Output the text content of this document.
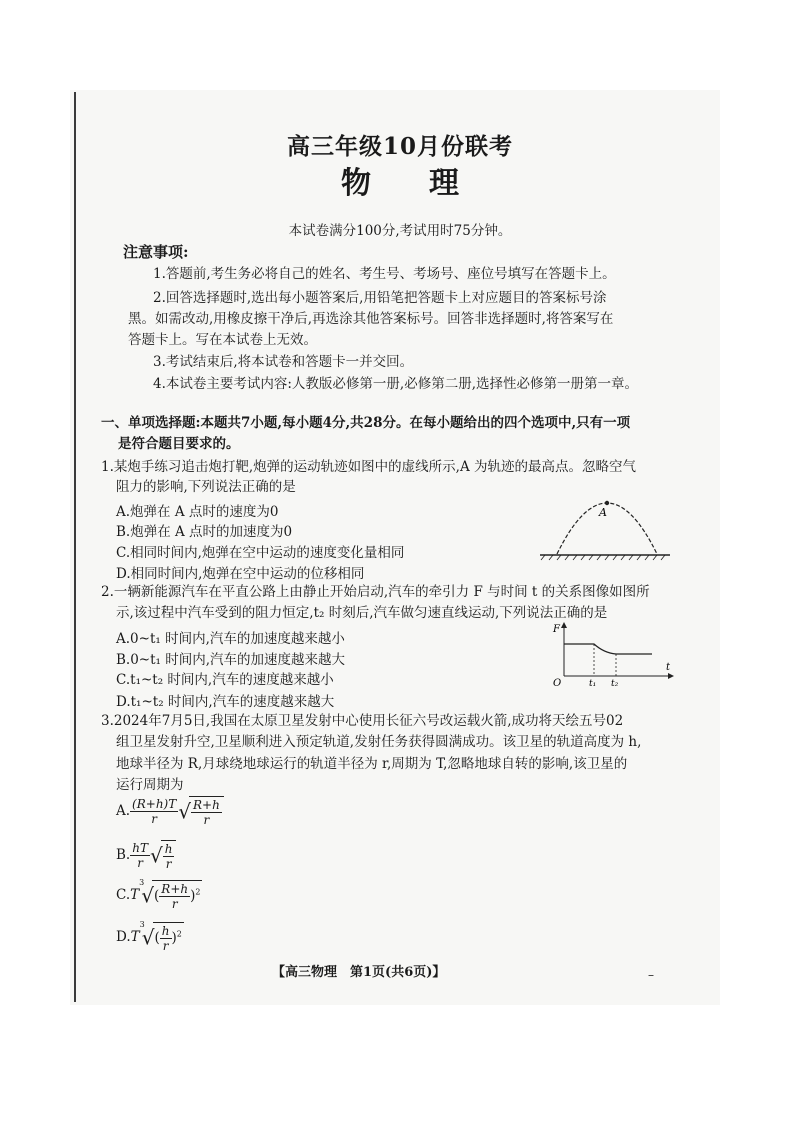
高三年级10月份联考
物理
本试卷满分100分,考试用时75分钟。
注意事项:
1.答题前,考生务必将自己的姓名、考生号、考场号、座位号填写在答题卡上。
2.回答选择题时,选出每小题答案后,用铅笔把答题卡上对应题目的答案标号涂
黑。如需改动,用橡皮擦干净后,再选涂其他答案标号。回答非选择题时,将答案写在
答题卡上。写在本试卷上无效。
3.考试结束后,将本试卷和答题卡一并交回。
4.本试卷主要考试内容:人教版必修第一册,必修第二册,选择性必修第一册第一章。
一、单项选择题:本题共7小题,每小题4分,共28分。在每小题给出的四个选项中,只有一项
是符合题目要求的。
1.某炮手练习追击炮打靶,炮弹的运动轨迹如图中的虚线所示,A 为轨迹的最高点。忽略空气
阻力的影响,下列说法正确的是
A.炮弹在 A 点时的速度为0
B.炮弹在 A 点时的加速度为0
C.相同时间内,炮弹在空中运动的速度变化量相同
D.相同时间内,炮弹在空中运动的位移相同
A
2.一辆新能源汽车在平直公路上由静止开始启动,汽车的牵引力 F 与时间 t 的关系图像如图所
示,该过程中汽车受到的阻力恒定,t₂ 时刻后,汽车做匀速直线运动,下列说法正确的是
A.0~t₁ 时间内,汽车的加速度越来越小
B.0~t₁ 时间内,汽车的加速度越来越大
C.t₁~t₂ 时间内,汽车的速度越来越小
D.t₁~t₂ 时间内,汽车的速度越来越大
F
t
O	t₁ t₂
3.2024年7月5日,我国在太原卫星发射中心使用长征六号改运载火箭,成功将天绘五号02
组卫星发射升空,卫星顺利进入预定轨道,发射任务获得圆满成功。该卫星的轨道高度为 h,
地球半径为 R,月球绕地球运行的轨道半径为 r,周期为 T,忽略地球自转的影响,该卫星的
运行周期为
A. $\frac{(R+h)T}{r}$ √ $\frac{R+h}{r}$
B. $\frac{hT}{r}$ √ $\frac{h}{r}$
$C.T^3√( \frac{R+h}{r} )^2$
$D.T^3√( \frac{h}{r} )^2$
【高三物理　第1页(共6页)】	–
